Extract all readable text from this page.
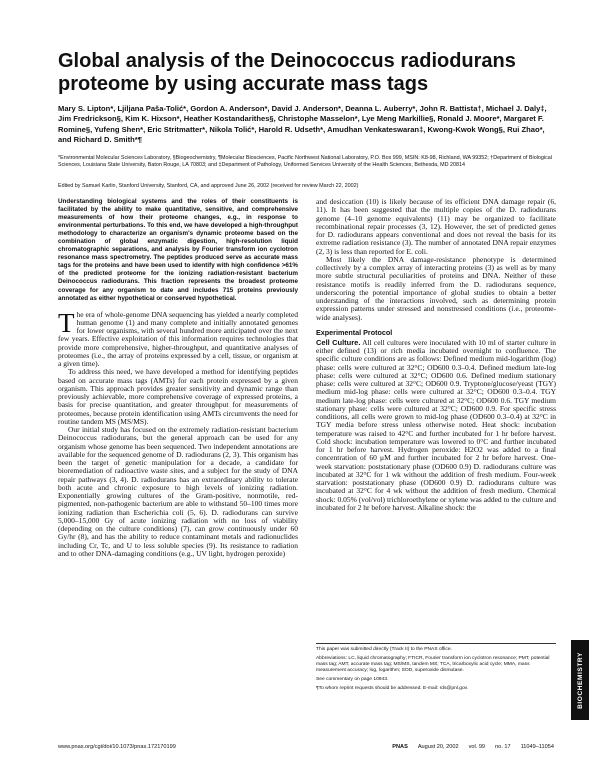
Global analysis of the Deinococcus radiodurans proteome by using accurate mass tags
Mary S. Lipton*, Ljiljana Paša-Tolić*, Gordon A. Anderson*, David J. Anderson*, Deanna L. Auberry*, John R. Battista†, Michael J. Daly‡, Jim Fredrickson§, Kim K. Hixson*, Heather Kostandarithes§, Christophe Masselon*, Lye Meng Markillie§, Ronald J. Moore*, Margaret F. Romine§, Yufeng Shen*, Eric Stritmatter*, Nikola Tolić*, Harold R. Udseth*, Amudhan Venkateswaran‡, Kwong-Kwok Wong§, Rui Zhao*, and Richard D. Smith*¶
*Environmental Molecular Sciences Laboratory, §Biogeochemistry, ¶Molecular Biosciences, Pacific Northwest National Laboratory, P.O. Box 999, MSIN: K8-98, Richland, WA 99352; †Department of Biological Sciences, Louisiana State University, Baton Rouge, LA 70803; and ‡Department of Pathology, Uniformed Services University of the Health Sciences, Bethesda, MD 20814
Edited by Samuel Karlin, Stanford University, Stanford, CA, and approved June 26, 2002 (received for review March 22, 2002)

Understanding biological systems and the roles of their constituents is facilitated by the ability to make quantitative, sensitive, and comprehensive measurements of how their proteome changes, e.g., in response to environmental perturbations. To this end, we have developed a high-throughput methodology to characterize an organism's dynamic proteome based on the combination of global enzymatic digestion, high-resolution liquid chromatographic separations, and analysis by Fourier transform ion cyclotron resonance mass spectrometry. The peptides produced serve as accurate mass tags for the proteins and have been used to identify with high confidence >61% of the predicted proteome for the ionizing radiation-resistant bacterium Deinococcus radiodurans. This fraction represents the broadest proteome coverage for any organism to date and includes 715 proteins previously annotated as either hypothetical or conserved hypothetical.

The era of whole-genome DNA sequencing has yielded a nearly completed human genome (1) and many complete and initially annotated genomes for lower organisms, with several hundred more anticipated over the next few years. Effective exploitation of this information requires technologies that provide more comprehensive, higher-throughput, and quantitative analyses of proteomes (i.e., the array of proteins expressed by a cell, tissue, or organism at a given time).

To address this need, we have developed a method for identifying peptides based on accurate mass tags (AMTs) for each protein expressed by a given organism. This approach provides greater sensitivity and dynamic range than previously achievable, more comprehensive coverage of expressed proteins, a basis for precise quantitation, and greater throughput for measurements of proteomes, because protein identification using AMTs circumvents the need for routine tandem MS (MS/MS).

Our initial study has focused on the extremely radiation-resistant bacterium Deinococcus radiodurans, but the general approach can be used for any organism whose genome has been sequenced. Two independent annotations are available for the sequenced genome of D. radiodurans (2, 3). This organism has been the target of genetic manipulation for a decade, a candidate for bioremediation of radioactive waste sites, and a subject for the study of DNA repair pathways (3, 4). D. radiodurans has an extraordinary ability to tolerate both acute and chronic exposure to high levels of ionizing radiation. Exponentially growing cultures of the Gram-positive, nonmotile, red-pigmented, non-pathogenic bacterium are able to withstand 50–100 times more ionizing radiation than Escherichia coli (5, 6). D. radiodurans can survive 5,000–15,000 Gy of acute ionizing radiation with no loss of viability (depending on the culture conditions) (7), can grow continuously under 60 Gy/hr (8), and has the ability to reduce contaminant metals and radionuclides including Cr, Tc, and U to less soluble species (9). Its resistance to radiation and to other DNA-damaging conditions (e.g., UV light, hydrogen peroxide)

and desiccation (10) is likely because of its efficient DNA damage repair (6, 11). It has been suggested that the multiple copies of the D. radiodurans genome (4–10 genome equivalents) (11) may be organized to facilitate recombinational repair processes (3, 12). However, the set of predicted genes for D. radiodurans appears conventional and does not reveal the basis for its extreme radiation resistance (3). The number of annotated DNA repair enzymes (2, 3) is less than reported for E. coli.

Most likely the DNA damage-resistance phenotype is determined collectively by a complex array of interacting proteins (3) as well as by many more subtle structural peculiarities of proteins and DNA. Neither of these resistance motifs is readily inferred from the D. radiodurans sequence, underscoring the potential importance of global studies to obtain a better understanding of the interactions involved, such as determining protein expression patterns under stressed and nonstressed conditions (i.e., proteome-wide analyses).

Experimental Protocol

Cell Culture. All cell cultures were inoculated with 10 ml of starter culture in either defined (13) or rich media incubated overnight to confluence. The specific culture conditions are as follows: Defined medium mid-logarithm (log) phase: cells were cultured at 32°C; OD600 0.3–0.4. Defined medium late-log phase: cells were cultured at 32°C; OD600 0.6. Defined medium stationary phase: cells were cultured at 32°C; OD600 0.9. Tryptone/glucose/yeast (TGY) medium mid-log phase: cells were cultured at 32°C; OD600 0.3–0.4. TGY medium late-log phase: cells were cultured at 32°C; OD600 0.6. TGY medium stationary phase: cells were cultured at 32°C; OD600 0.9. For specific stress conditions, all cells were grown to mid-log phase (OD600 0.3–0.4) at 32°C in TGY media before stress unless otherwise noted. Heat shock: incubation temperature was raised to 42°C and further incubated for 1 hr before harvest. Cold shock: incubation temperature was lowered to 0°C and further incubated for 1 hr before harvest. Hydrogen peroxide: H2O2 was added to a final concentration of 60 μM and further incubated for 2 hr before harvest. One-week starvation: poststationary phase (OD600 0.9) D. radiodurans culture was incubated at 32°C for 1 wk without the addition of fresh medium. Four-week starvation: poststationary phase (OD600 0.9) D. radiodurans culture was incubated at 32°C for 4 wk without the addition of fresh medium. Chemical shock: 0.05% (vol/vol) trichloroethylene or xylene was added to the culture and incubated for 2 hr before harvest. Alkaline shock: the

This paper was submitted directly (Track II) to the PNAS office.

Abbreviations: LC, liquid chromatography; FTICR, Fourier transform ion cyclotron resonance; PMT, potential mass tag; AMT, accurate mass tag; MS/MS, tandem MS; TCA, tricarboxylic acid cycle; MMA, mass measurement accuracy; log, logarithm; SOD, superoxide dismutase.

See commentary on page 10943.

¶To whom reprint requests should be addressed. E-mail: rds@pnl.gov.	BIOCHEMISTRY
www.pnas.org/cgi/doi/10.1073/pnas.172170199	PNAS August 20, 2002 vol. 99 no. 17 11049–11054
